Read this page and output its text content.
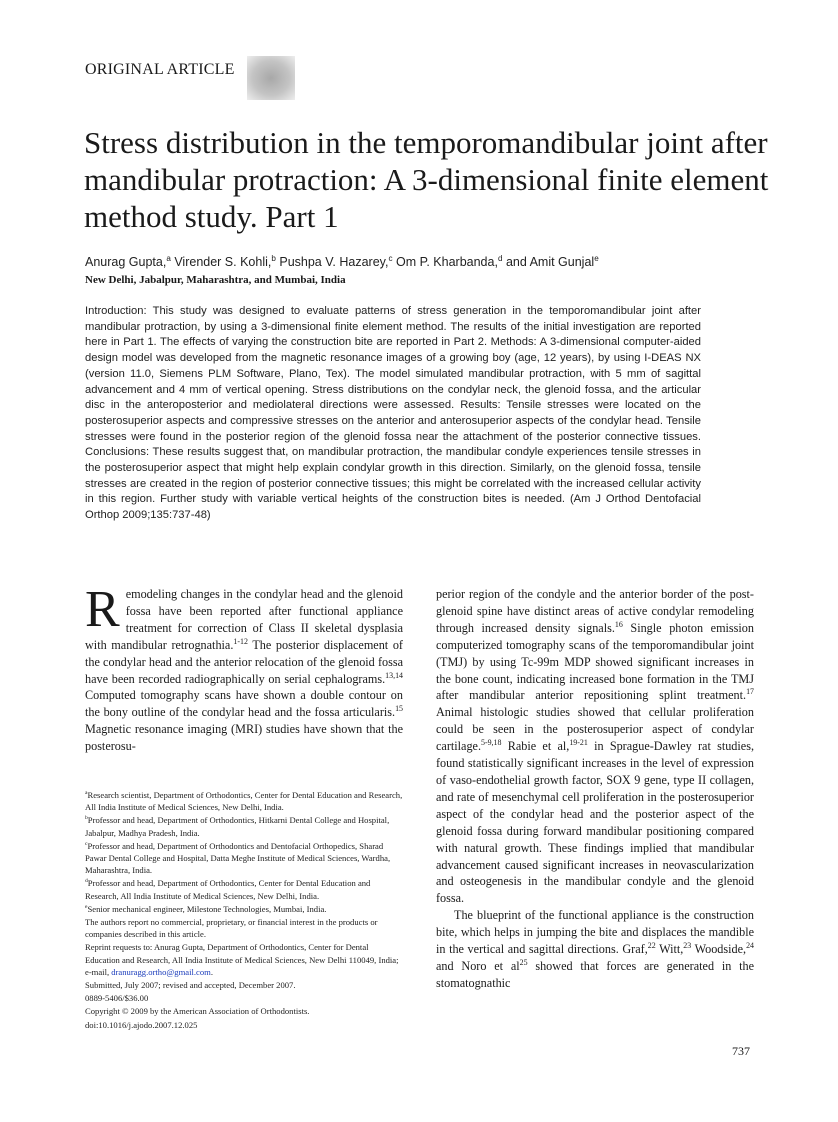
ORIGINAL ARTICLE
Stress distribution in the temporomandibular joint after mandibular protraction: A 3-dimensional finite element method study. Part 1
Anurag Gupta,$^a$ Virender S. Kohli,$^b$ Pushpa V. Hazarey,$^c$ Om P. Kharbanda,$^d$ and Amit Gunjal$^e$
New Delhi, Jabalpur, Maharashtra, and Mumbai, India
Introduction: This study was designed to evaluate patterns of stress generation in the temporomandibular joint after mandibular protraction, by using a 3-dimensional finite element method. The results of the initial investigation are reported here in Part 1. The effects of varying the construction bite are reported in Part 2. Methods: A 3-dimensional computer-aided design model was developed from the magnetic resonance images of a growing boy (age, 12 years), by using I-DEAS NX (version 11.0, Siemens PLM Software, Plano, Tex). The model simulated mandibular protraction, with 5 mm of sagittal advancement and 4 mm of vertical opening. Stress distributions on the condylar neck, the glenoid fossa, and the articular disc in the anteroposterior and mediolateral directions were assessed. Results: Tensile stresses were located on the posterosuperior aspects and compressive stresses on the anterior and anterosuperior aspects of the condylar head. Tensile stresses were found in the posterior region of the glenoid fossa near the attachment of the posterior connective tissues. Conclusions: These results suggest that, on mandibular protraction, the mandibular condyle experiences tensile stresses in the posterosuperior aspect that might help explain condylar growth in this direction. Similarly, on the glenoid fossa, tensile stresses are created in the region of posterior connective tissues; this might be correlated with the increased cellular activity in this region. Further study with variable vertical heights of the construction bites is needed. (Am J Orthod Dentofacial Orthop 2009;135:737-48)
R emodeling changes in the condylar head and the glenoid fossa have been reported after functional appliance treatment for correction of Class II skeletal dysplasia with mandibular retrognathia.$^{1-12}$ The posterior displacement of the condylar head and the anterior relocation of the glenoid fossa have been recorded radiographically on serial cephalograms.$^{13,14}$ Computed tomography scans have shown a double contour on the bony outline of the condylar head and the fossa articularis.$^{15}$ Magnetic resonance imaging (MRI) studies have shown that the posterosu-

$^a$Research scientist, Department of Orthodontics, Center for Dental Education and Research, All India Institute of Medical Sciences, New Delhi, India.
$^b$Professor and head, Department of Orthodontics, Hitkarni Dental College and Hospital, Jabalpur, Madhya Pradesh, India.
$^c$Professor and head, Department of Orthodontics and Dentofacial Orthopedics, Sharad Pawar Dental College and Hospital, Datta Meghe Institute of Medical Sciences, Wardha, Maharashtra, India.
$^d$Professor and head, Department of Orthodontics, Center for Dental Education and Research, All India Institute of Medical Sciences, New Delhi, India.
$^e$Senior mechanical engineer, Milestone Technologies, Mumbai, India.
The authors report no commercial, proprietary, or financial interest in the products or companies described in this article.
Reprint requests to: Anurag Gupta, Department of Orthodontics, Center for Dental Education and Research, All India Institute of Medical Sciences, New Delhi 110049, India; e-mail, dranuragg.ortho@gmail.com.
Submitted, July 2007; revised and accepted, December 2007.
0889-5406/$36.00
Copyright © 2009 by the American Association of Orthodontists.
doi:10.1016/j.ajodo.2007.12.025

perior region of the condyle and the anterior border of the post-glenoid spine have distinct areas of active condylar remodeling through increased density signals.$^{16}$ Single photon emission computerized tomography scans of the temporomandibular joint (TMJ) by using Tc-99m MDP showed significant increases in the bone count, indicating increased bone formation in the TMJ after mandibular anterior repositioning splint treatment.$^{17}$ Animal histologic studies showed that cellular proliferation could be seen in the posterosuperior aspect of condylar cartilage.$^{5-9,18}$ Rabie et al,$^{19-21}$ in Sprague-Dawley rat studies, found statistically significant increases in the level of expression of vaso-endothelial growth factor, SOX 9 gene, type II collagen, and rate of mesenchymal cell proliferation in the posterosuperior aspect of the condylar head and the posterior aspect of the glenoid fossa during forward mandibular positioning compared with natural growth. These findings implied that mandibular advancement caused significant increases in neovascularization and osteogenesis in the mandibular condyle and the glenoid fossa.

The blueprint of the functional appliance is the construction bite, which helps in jumping the bite and displaces the mandible in the vertical and sagittal directions. Graf,$^{22}$ Witt,$^{23}$ Woodside,$^{24}$ and Noro et $al^{25}$ showed that forces are generated in the stomatognathic

737
